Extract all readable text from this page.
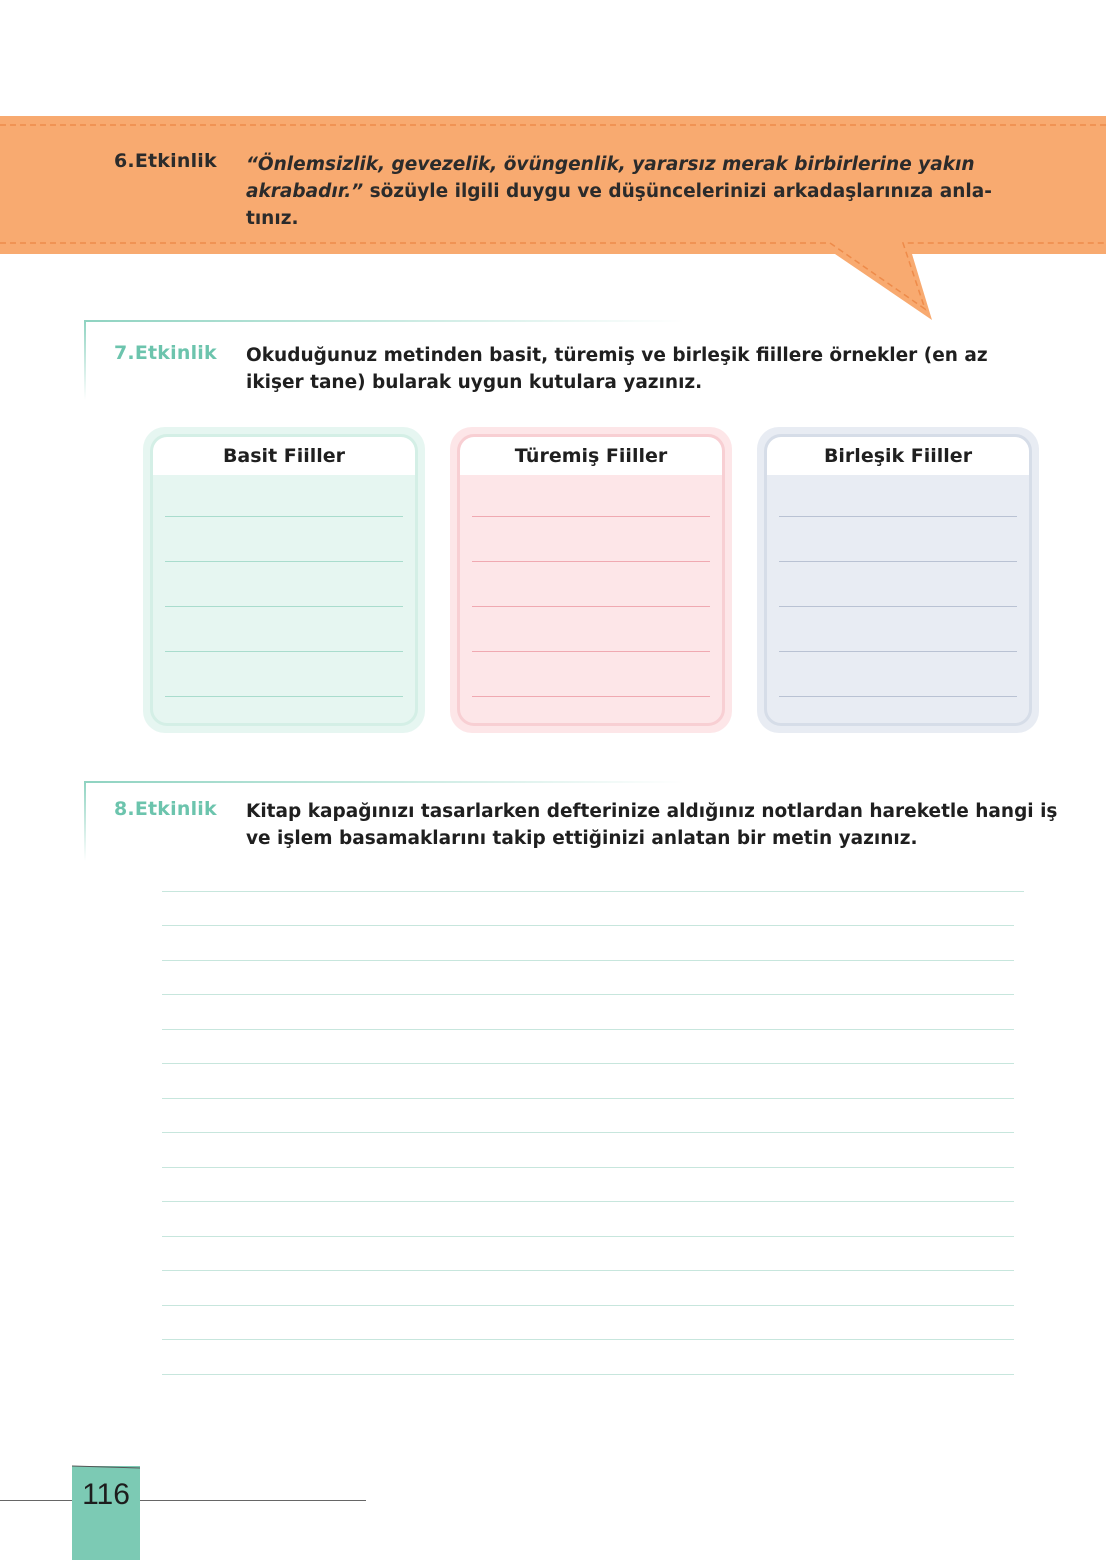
6.Etkinlik “Önlemsizlik, gevezelik, övüngenlik, yararsız merak birbirlerine yakın akrabadır.” sözüyle ilgili duygu ve düşüncelerinizi arkadaşlarınıza anla-tınız.
7.Etkinlik Okuduğunuz metinden basit, türemiş ve birleşik fiillere örnekler (en az ikişer tane) bularak uygun kutulara yazınız.
Basit Fiiller	Türemiş Fiiller	Birleşik Fiiller
8.Etkinlik Kitap kapağınızı tasarlarken defterinize aldığınız notlardan hareketle hangi iş ve işlem basamaklarını takip ettiğinizi anlatan bir metin yazınız.
116
